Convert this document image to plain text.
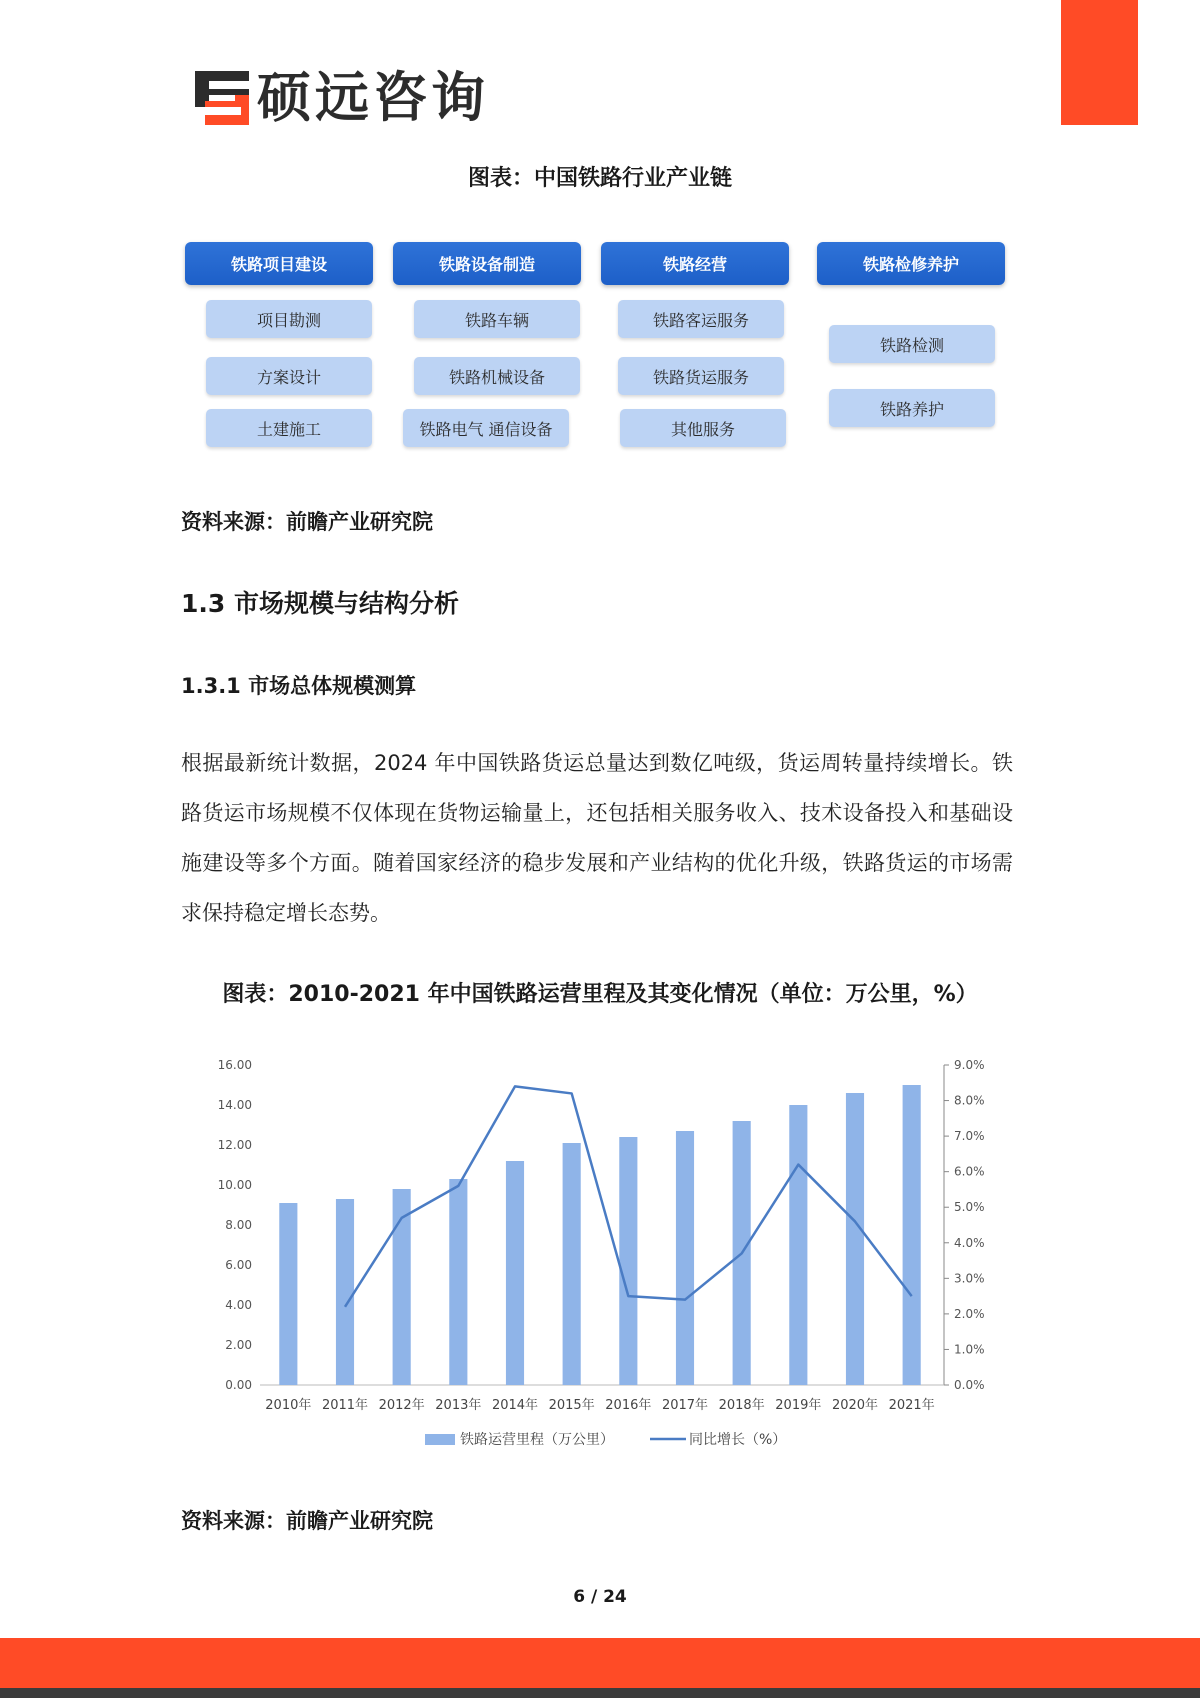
硕远咨询
图表：中国铁路行业产业链
铁路项目建设
项目勘测
方案设计
土建施工
铁路设备制造
铁路车辆
铁路机械设备
铁路电气 通信设备
铁路经营
铁路客运服务
铁路货运服务
其他服务
铁路检修养护
铁路检测
铁路养护
资料来源：前瞻产业研究院
1.3 市场规模与结构分析
1.3.1 市场总体规模测算
根据最新统计数据，2024 年中国铁路货运总量达到数亿吨级，货运周转量持续增长。铁路货运市场规模不仅体现在货物运输量上，还包括相关服务收入、技术设备投入和基础设施建设等多个方面。随着国家经济的稳步发展和产业结构的优化升级，铁路货运的市场需求保持稳定增长态势。
图表：2010-2021 年中国铁路运营里程及其变化情况（单位：万公里，%）
0.00
2.00
4.00
6.00
8.00
10.00
12.00
14.00
16.00
0.0%
1.0%
2.0%
3.0%
4.0%
5.0%
6.0%
7.0%
8.0%
9.0%
2010年 2011年 2012年 2013年 2014年 2015年 2016年 2017年 2018年 2019年 2020年 2021年
铁路运营里程（万公里）	同比增长（%）
资料来源：前瞻产业研究院
6 / 24
